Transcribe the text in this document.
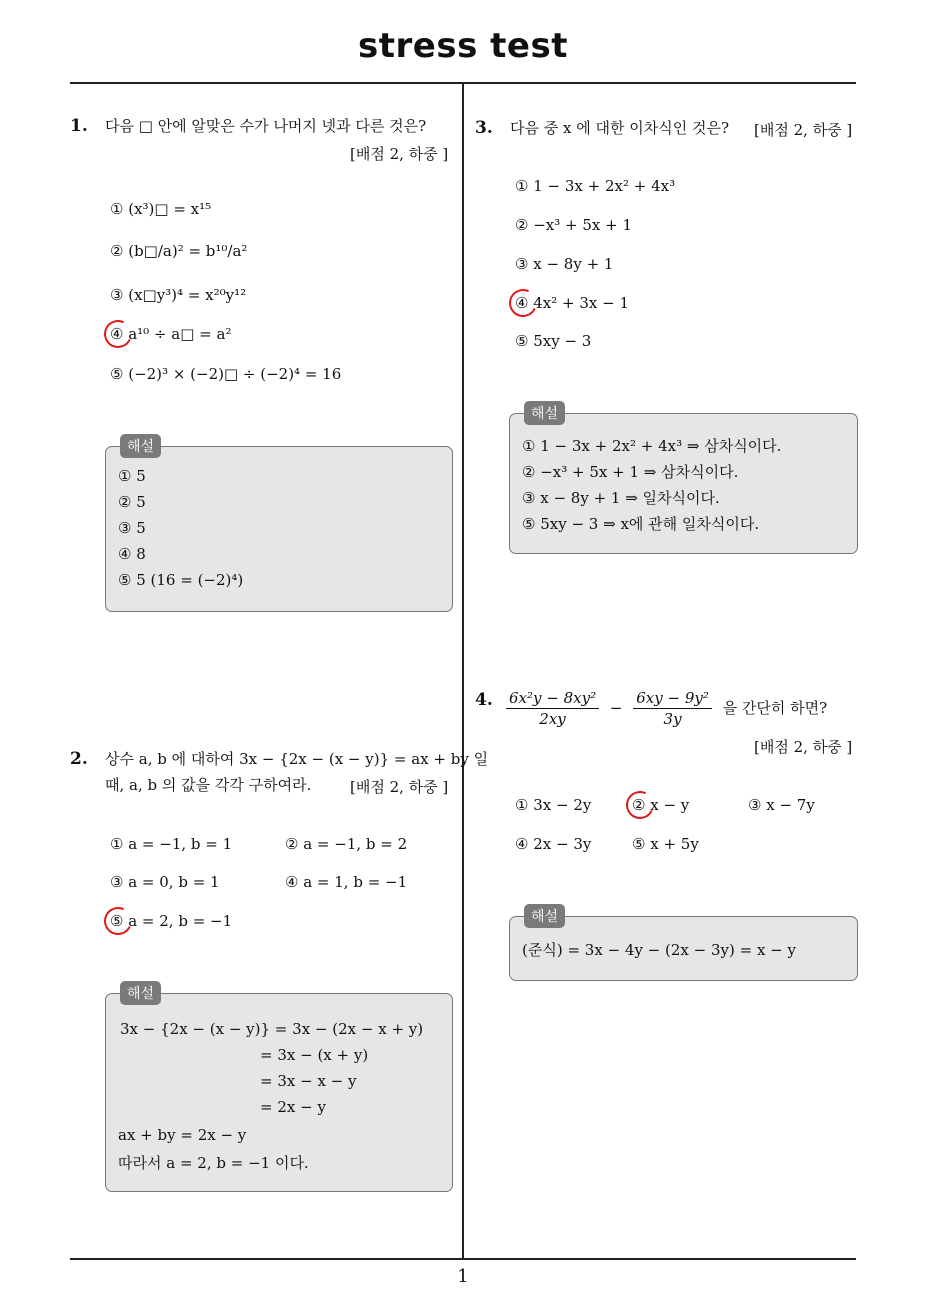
stress test
1
1. 다음 □ 안에 알맞은 수가 나머지 넷과 다른 것은?
[배점 2, 하중 ]
① (x³)□ = x¹⁵
② (b□/a)² = b¹⁰/a²
③ (x□y³)⁴ = x²⁰y¹²
④ a¹⁰ ÷ a□ = a²
⑤ (−2)³ × (−2)□ ÷ (−2)⁴ = 16
해설
① 5
② 5
③ 5
④ 8
⑤ 5 (16 = (−2)⁴)
2. 상수 a, b 에 대하여 3x − {2x − (x − y)} = ax + by 일
때, a, b 의 값을 각각 구하여라.	[배점 2, 하중 ]
① a = −1, b = 1	② a = −1, b = 2
③ a = 0, b = 1	④ a = 1, b = −1
⑤ a = 2, b = −1
해설
3x − {2x − (x − y)} = 3x − (2x − x + y)
= 3x − (x + y)
= 3x − x − y
= 2x − y
ax + by = 2x − y
따라서 a = 2, b = −1 이다.
3. 다음 중 x 에 대한 이차식인 것은? [배점 2, 하중 ]
① 1 − 3x + 2x² + 4x³
② −x³ + 5x + 1
③ x − 8y + 1
④ 4x² + 3x − 1
⑤ 5xy − 3
해설
① 1 − 3x + 2x² + 4x³ ⇒ 삼차식이다.
② −x³ + 5x + 1 ⇒ 삼차식이다.
③ x − 8y + 1 ⇒ 일차식이다.
⑤ 5xy − 3 ⇒ x에 관해 일차식이다.
4. $\frac{\text{6x²y − 8xy²}}{2xy} - \frac{\text{6xy − 9y²}}{3y}$ 을 간단히 하면?
[배점 2, 하중 ]
① 3x − 2y	② x − y	③ x − 7y
④ 2x − 3y	⑤ x + 5y
해설
(준식) = 3x − 4y − (2x − 3y) = x − y
